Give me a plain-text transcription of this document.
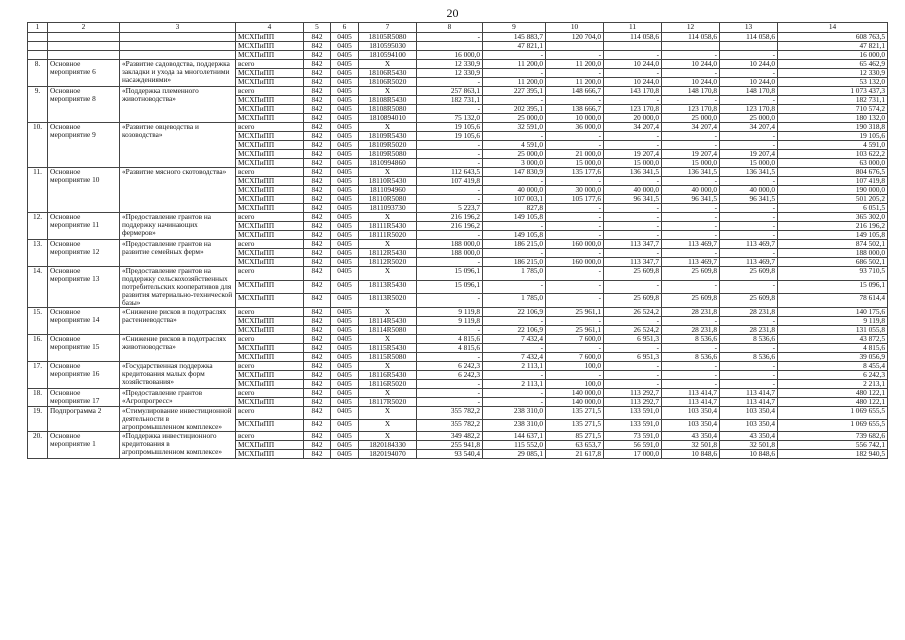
20
1	2	3	4	5	6	7	8	9	10	11	12	13	14
			МСХПиПП	842	0405	18105R5080	-	145 883,7	120 704,0	114 058,6	114 058,6	114 058,6	608 763,5
			МСХПиПП	842	0405	1810595030		47 821,1					47 821,1
			МСХПиПП	842	0405	1810594100	16 000,0	-	-	-	-	-	16 000,0
8.	Основное мероприятие 6	«Развитие садоводства, поддержка закладки и ухода за многолетними насаждениями»	всего	842	0405	Х	12 330,9	11 200,0	11 200,0	10 244,0	10 244,0	10 244,0	65 462,9
			МСХПиПП	842	0405	18106R5430	12 330,9	-	-	-	-	-	12 330,9
			МСХПиПП	842	0405	18106R5020	-	11 200,0	11 200,0	10 244,0	10 244,0	10 244,0	53 132,0
9.	Основное мероприятие 8	«Поддержка племенного животноводства»	всего	842	0405	Х	257 863,1	227 395,1	148 666,7	143 170,8	148 170,8	148 170,8	1 073 437,3
			МСХПиПП	842	0405	18108R5430	182 731,1	-	-	-	-	-	182 731,1
			МСХПиПП	842	0405	18108R5080	-	202 395,1	138 666,7	123 170,8	123 170,8	123 170,8	710 574,2
			МСХПиПП	842	0405	1810894010	75 132,0	25 000,0	10 000,0	20 000,0	25 000,0	25 000,0	180 132,0
10.	Основное мероприятие 9	«Развитие овцеводства и козоводства»	всего	842	0405	Х	19 105,6	32 591,0	36 000,0	34 207,4	34 207,4	34 207,4	190 318,8
			МСХПиПП	842	0405	18109R5430	19 105,6	-	-	-	-	-	19 105,6
			МСХПиПП	842	0405	18109R5020	-	4 591,0	-	-	-	-	4 591,0
			МСХПиПП	842	0405	18109R5080	-	25 000,0	21 000,0	19 207,4	19 207,4	19 207,4	103 622,2
			МСХПиПП	842	0405	1810994860	-	3 000,0	15 000,0	15 000,0	15 000,0	15 000,0	63 000,0
11.	Основное мероприятие 10	«Развитие мясного скотоводства»	всего	842	0405	Х	112 643,5	147 830,9	135 177,6	136 341,5	136 341,5	136 341,5	804 676,5
			МСХПиПП	842	0405	18110R5430	107 419,8	-	-	-	-	-	107 419,8
			МСХПиПП	842	0405	1811094960	-	40 000,0	30 000,0	40 000,0	40 000,0	40 000,0	190 000,0
			МСХПиПП	842	0405	18110R5080	-	107 003,1	105 177,6	96 341,5	96 341,5	96 341,5	501 205,2
			МСХПиПП	842	0405	1811093730	5 223,7	827,8	-	-	-	-	6 051,5
12.	Основное мероприятие 11	«Предоставление грантов на поддержку начинающих фермеров»	всего	842	0405	Х	216 196,2	149 105,8	-	-	-	-	365 302,0
			МСХПиПП	842	0405	18111R5430	216 196,2	-	-	-	-	-	216 196,2
			МСХПиПП	842	0405	18111R5020	-	149 105,8	-	-	-	-	149 105,8
13.	Основное мероприятие 12	«Предоставление грантов на развитие семейных ферм»	всего	842	0405	Х	188 000,0	186 215,0	160 000,0	113 347,7	113 469,7	113 469,7	874 502,1
			МСХПиПП	842	0405	18112R5430	188 000,0	-	-	-	-	-	188 000,0
			МСХПиПП	842	0405	18112R5020	-	186 215,0	160 000,0	113 347,7	113 469,7	113 469,7	686 502,1
14.	Основное мероприятие 13	«Предоставление грантов на поддержку сельскохозяйственных потребительских кооперативов для развития материально-технической базы»	всего	842	0405	Х	15 096,1	1 785,0	-	25 609,8	25 609,8	25 609,8	93 710,5
			МСХПиПП	842	0405	18113R5430	15 096,1	-	-	-	-	-	15 096,1
			МСХПиПП	842	0405	18113R5020	-	1 785,0	-	25 609,8	25 609,8	25 609,8	78 614,4
15.	Основное мероприятие 14	«Снижение рисков в подотраслях растениеводства»	всего	842	0405	Х	9 119,8	22 106,9	25 961,1	26 524,2	28 231,8	28 231,8	140 175,6
			МСХПиПП	842	0405	18114R5430	9 119,8	-	-	-	-	-	9 119,8
			МСХПиПП	842	0405	18114R5080	-	22 106,9	25 961,1	26 524,2	28 231,8	28 231,8	131 055,8
16.	Основное мероприятие 15	«Снижение рисков в подотраслях животноводства»	всего	842	0405	Х	4 815,6	7 432,4	7 600,0	6 951,3	8 536,6	8 536,6	43 872,5
			МСХПиПП	842	0405	18115R5430	4 815,6	-	-	-	-	-	4 815,6
			МСХПиПП	842	0405	18115R5080	-	7 432,4	7 600,0	6 951,3	8 536,6	8 536,6	39 056,9
17.	Основное мероприятие 16	«Государственная поддержка кредитования малых форм хозяйствования»	всего	842	0405	Х	6 242,3	2 113,1	100,0	-	-	-	8 455,4
			МСХПиПП	842	0405	18116R5430	6 242,3	-	-	-	-	-	6 242,3
			МСХПиПП	842	0405	18116R5020	-	2 113,1	100,0	-	-	-	2 213,1
18.	Основное мероприятие 17	«Предоставление грантов «Агропрогресс»	всего	842	0405	Х	-	-	140 000,0	113 292,7	113 414,7	113 414,7	480 122,1
			МСХПиПП	842	0405	18117R5020	-	-	140 000,0	113 292,7	113 414,7	113 414,7	480 122,1
19.	Подпрограмма 2	«Стимулирование инвестиционной деятельности в агропромышленном комплексе»	всего	842	0405	Х	355 782,2	238 310,0	135 271,5	133 591,0	103 350,4	103 350,4	1 069 655,5
			МСХПиПП	842	0405	Х	355 782,2	238 310,0	135 271,5	133 591,0	103 350,4	103 350,4	1 069 655,5
20.	Основное мероприятие 1	«Поддержка инвестиционного кредитования в агропромышленном комплексе»	всего	842	0405	Х	349 482,2	144 637,1	85 271,5	73 591,0	43 350,4	43 350,4	739 682,6
			МСХПиПП	842	0405	1820184330	255 941,8	115 552,0	63 653,7	56 591,0	32 501,8	32 501,8	556 742,1
			МСХПиПП	842	0405	1820194070	93 540,4	29 085,1	21 617,8	17 000,0	10 848,6	10 848,6	182 940,5
